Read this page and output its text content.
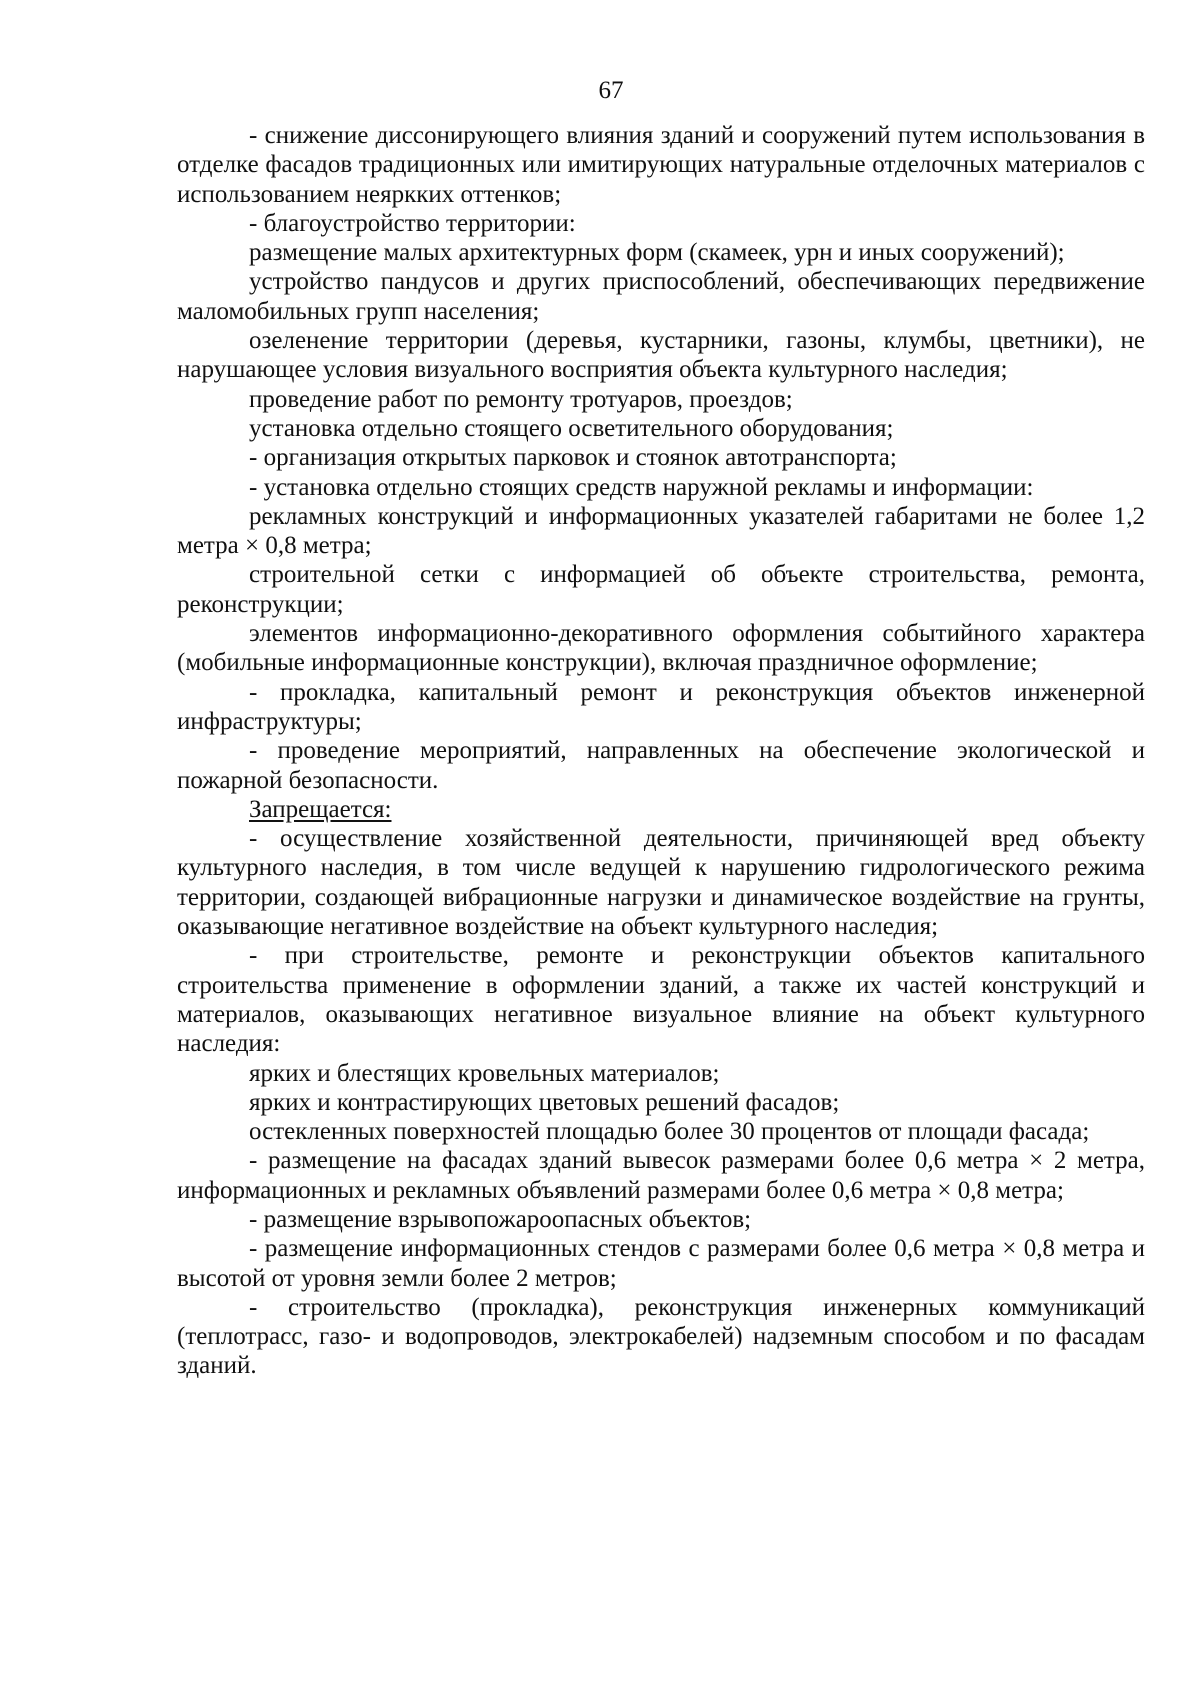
67

- снижение диссонирующего влияния зданий и сооружений путем использования в отделке фасадов традиционных или имитирующих натуральные отделочных материалов с использованием неяркких оттенков;

- благоустройство территории:

размещение малых архитектурных форм (скамеек, урн и иных сооружений);

устройство пандусов и других приспособлений, обеспечивающих передвижение маломобильных групп населения;

озеленение территории (деревья, кустарники, газоны, клумбы, цветники), не нарушающее условия визуального восприятия объекта культурного наследия;

проведение работ по ремонту тротуаров, проездов;

установка отдельно стоящего осветительного оборудования;

- организация открытых парковок и стоянок автотранспорта;

- установка отдельно стоящих средств наружной рекламы и информации:

рекламных конструкций и информационных указателей габаритами не более 1,2 метра × 0,8 метра;

строительной сетки с информацией об объекте строительства, ремонта, реконструкции;

элементов информационно-декоративного оформления событийного характера (мобильные информационные конструкции), включая праздничное оформление;

- прокладка, капитальный ремонт и реконструкция объектов инженерной инфраструктуры;

- проведение мероприятий, направленных на обеспечение экологической и пожарной безопасности.

Запрещается:

- осуществление хозяйственной деятельности, причиняющей вред объекту культурного наследия, в том числе ведущей к нарушению гидрологического режима территории, создающей вибрационные нагрузки и динамическое воздействие на грунты, оказывающие негативное воздействие на объект культурного наследия;

- при строительстве, ремонте и реконструкции объектов капитального строительства применение в оформлении зданий, а также их частей конструкций и материалов, оказывающих негативное визуальное влияние на объект культурного наследия:

ярких и блестящих кровельных материалов;

ярких и контрастирующих цветовых решений фасадов;

остекленных поверхностей площадью более 30 процентов от площади фасада;

- размещение на фасадах зданий вывесок размерами более 0,6 метра × 2 метра, информационных и рекламных объявлений размерами более 0,6 метра × 0,8 метра;

- размещение взрывопожароопасных объектов;

- размещение информационных стендов с размерами более 0,6 метра × 0,8 метра и высотой от уровня земли более 2 метров;

- строительство (прокладка), реконструкция инженерных коммуникаций (теплотрасс, газо- и водопроводов, электрокабелей) надземным способом и по фасадам зданий.
